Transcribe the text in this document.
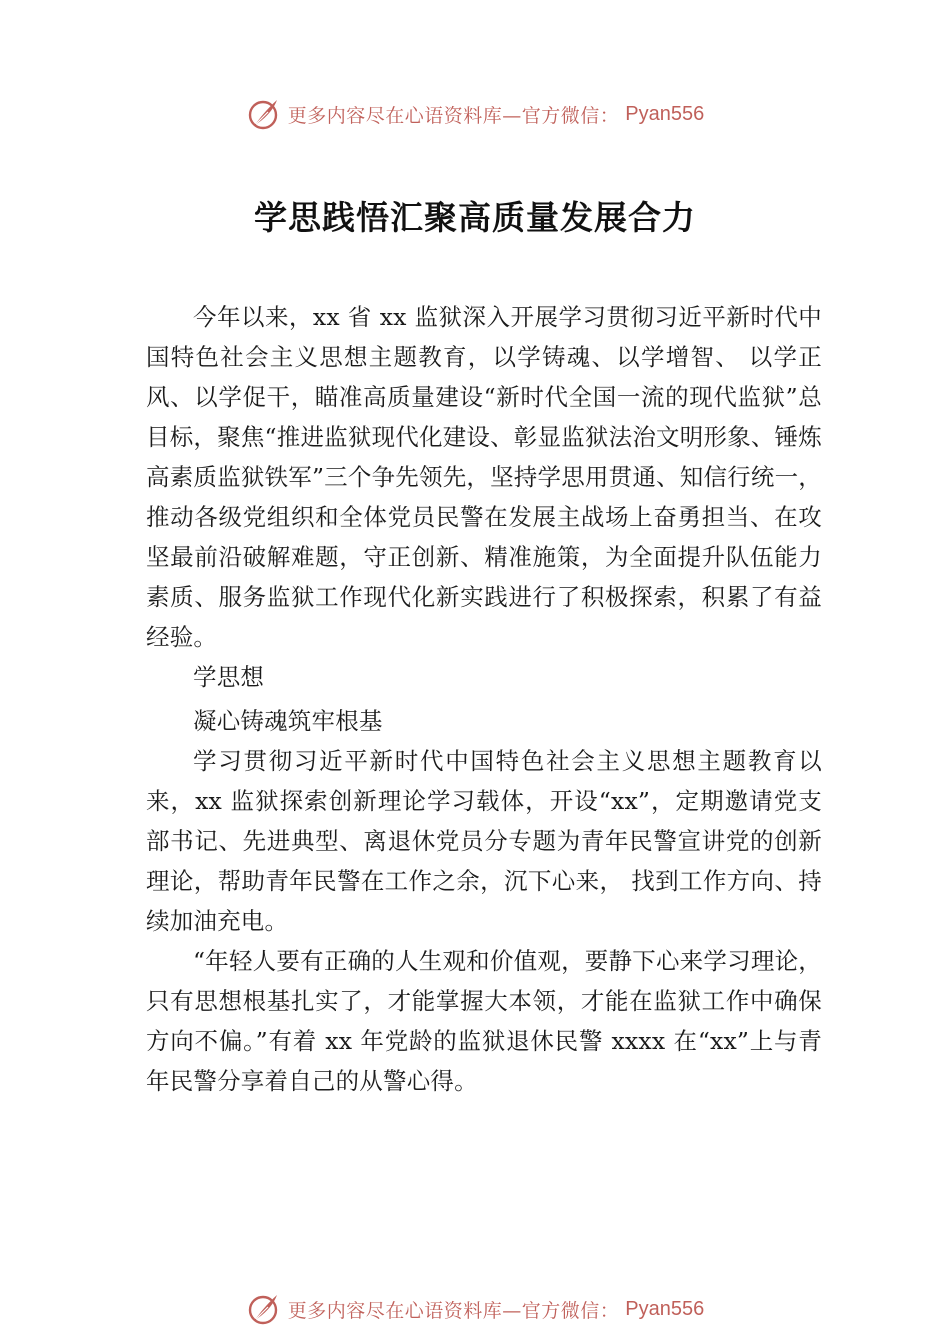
更多内容尽在心语资料库—官方微信： Pyan556
学思践悟汇聚高质量发展合力

今年以来，xx 省 xx 监狱深入开展学习贯彻习近平新时代中国特色社会主义思想主题教育，以学铸魂、以学增智、 以学正风、以学促干，瞄准高质量建设“新时代全国一流的现代监狱”总目标，聚焦“推进监狱现代化建设、彰显监狱法治文明形象、锤炼高素质监狱铁军”三个争先领先，坚持学思用贯通、知信行统一，推动各级党组织和全体党员民警在发展主战场上奋勇担当、在攻坚最前沿破解难题，守正创新、精准施策，为全面提升队伍能力素质、服务监狱工作现代化新实践进行了积极探索，积累了有益经验。

学思想

凝心铸魂筑牢根基

学习贯彻习近平新时代中国特色社会主义思想主题教育以来，xx 监狱探索创新理论学习载体，开设“xx”，定期邀请党支部书记、先进典型、离退休党员分专题为青年民警宣讲党的创新理论，帮助青年民警在工作之余，沉下心来， 找到工作方向、持续加油充电。

“年轻人要有正确的人生观和价值观，要静下心来学习理论，只有思想根基扎实了，才能掌握大本领，才能在监狱工作中确保方向不偏。”有着 xx 年党龄的监狱退休民警 xxxx 在“xx”上与青年民警分享着自己的从警心得。

更多内容尽在心语资料库—官方微信： Pyan556
